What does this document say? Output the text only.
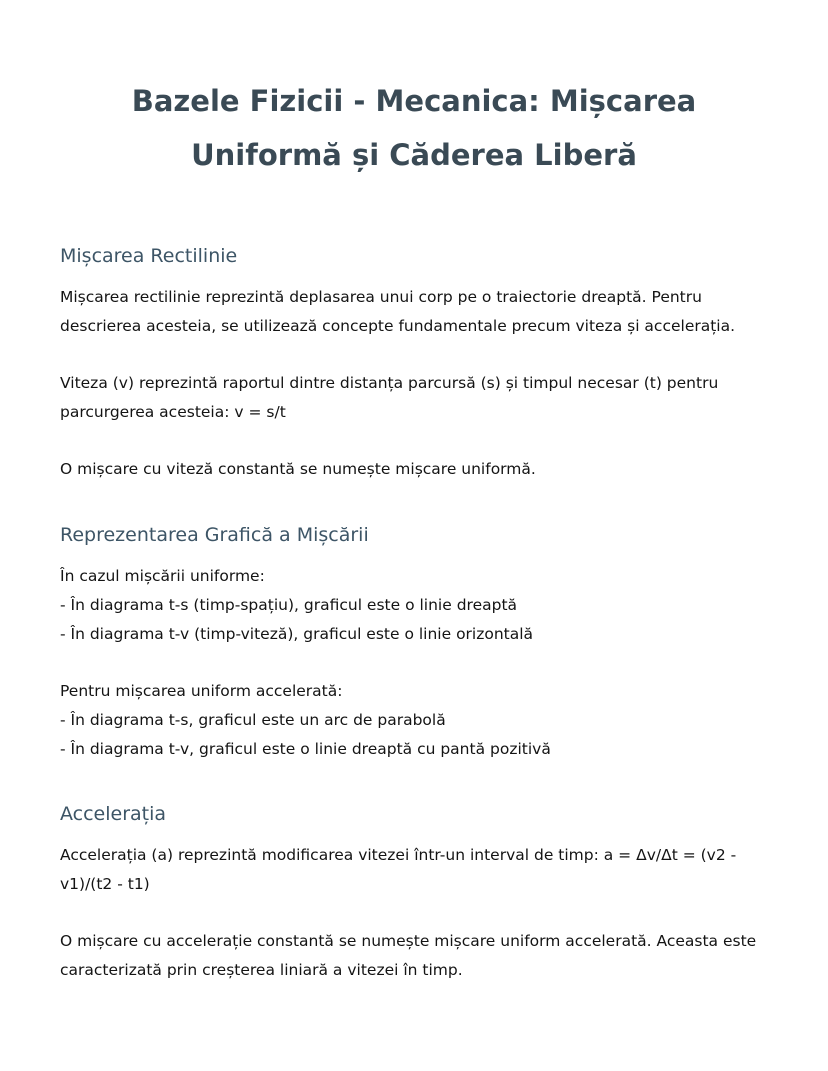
Bazele Fizicii - Mecanica: Mișcarea Uniformă și Căderea Liberă
Mișcarea Rectilinie

Mișcarea rectilinie reprezintă deplasarea unui corp pe o traiectorie dreaptă. Pentru descrierea acesteia, se utilizează concepte fundamentale precum viteza și accelerația.

Viteza (v) reprezintă raportul dintre distanța parcursă (s) și timpul necesar (t) pentru parcurgerea acesteia: v = s/t

O mișcare cu viteză constantă se numește mișcare uniformă.

Reprezentarea Grafică a Mișcării

În cazul mișcării uniforme:
- În diagrama t-s (timp-spațiu), graficul este o linie dreaptă
- În diagrama t-v (timp-viteză), graficul este o linie orizontală

Pentru mișcarea uniform accelerată:
- În diagrama t-s, graficul este un arc de parabolă
- În diagrama t-v, graficul este o linie dreaptă cu pantă pozitivă

Accelerația

Accelerația (a) reprezintă modificarea vitezei într-un interval de timp: a = Δv/Δt = (v2 - v1)/(t2 - t1)

O mișcare cu accelerație constantă se numește mișcare uniform accelerată. Aceasta este caracterizată prin creșterea liniară a vitezei în timp.
